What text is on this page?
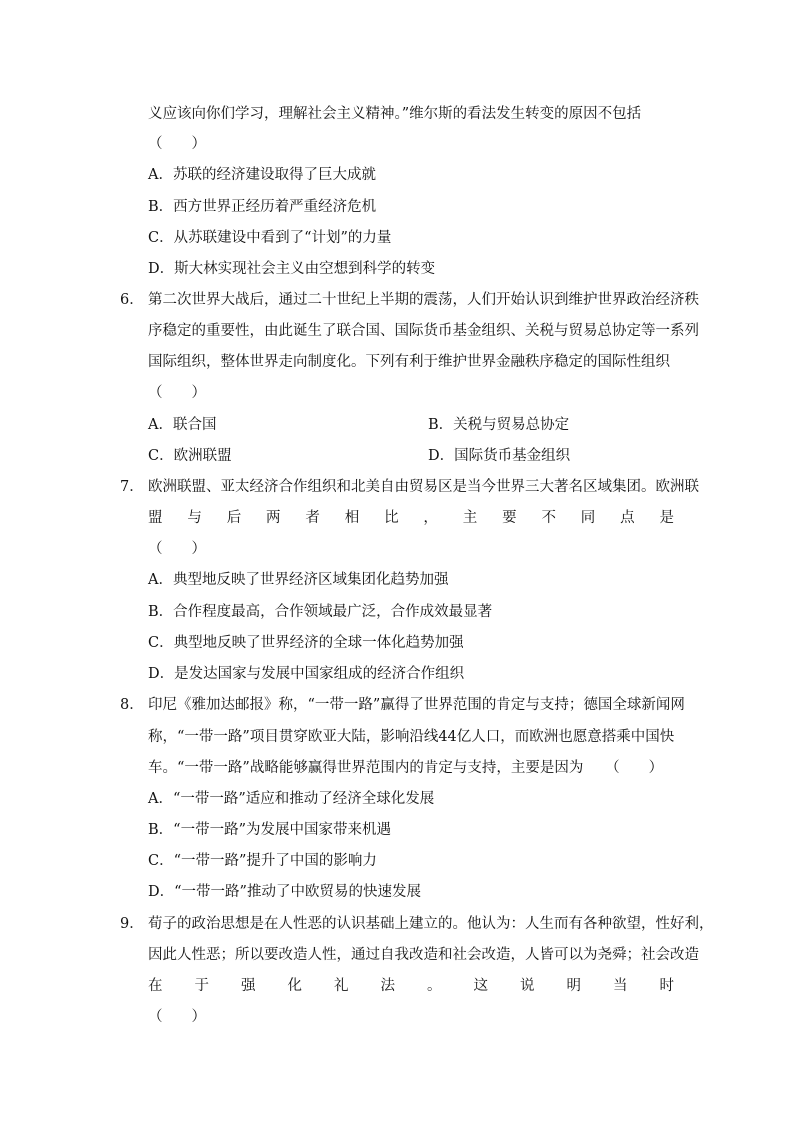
义应该向你们学习，理解社会主义精神。”维尔斯的看法发生转变的原因不包括
（　　）
A．苏联的经济建设取得了巨大成就
B．西方世界正经历着严重经济危机
C．从苏联建设中看到了“计划”的力量
D．斯大林实现社会主义由空想到科学的转变
6． 第二次世界大战后，通过二十世纪上半期的震荡，人们开始认识到维护世界政治经济秩
序稳定的重要性，由此诞生了联合国、国际货币基金组织、关税与贸易总协定等一系列
国际组织，整体世界走向制度化。下列有利于维护世界金融秩序稳定的国际性组织
（　　）
A．联合国	B．关税与贸易总协定
C．欧洲联盟	D．国际货币基金组织
7． 欧洲联盟、亚太经济合作组织和北美自由贸易区是当今世界三大著名区域集团。欧洲联
盟 与 后 两 者 相 比 ， 主 要 不 同 点 是
（　　）
A．典型地反映了世界经济区域集团化趋势加强
B．合作程度最高，合作领域最广泛，合作成效最显著
C．典型地反映了世界经济的全球一体化趋势加强
D．是发达国家与发展中国家组成的经济合作组织
8． 印尼《雅加达邮报》称，“一带一路”赢得了世界范围的肯定与支持；德国全球新闻网
称，“一带一路”项目贯穿欧亚大陆，影响沿线44亿人口，而欧洲也愿意搭乘中国快
车。“一带一路”战略能够赢得世界范围内的肯定与支持，主要是因为　　（　　）
A．“一带一路”适应和推动了经济全球化发展
B．“一带一路”为发展中国家带来机遇
C．“一带一路”提升了中国的影响力
D．“一带一路”推动了中欧贸易的快速发展
9． 荀子的政治思想是在人性恶的认识基础上建立的。他认为：人生而有各种欲望，性好利，
因此人性恶；所以要改造人性，通过自我改造和社会改造，人皆可以为尧舜；社会改造
在 于 强 化 礼 法 。 这 说 明 当 时
（　　）
